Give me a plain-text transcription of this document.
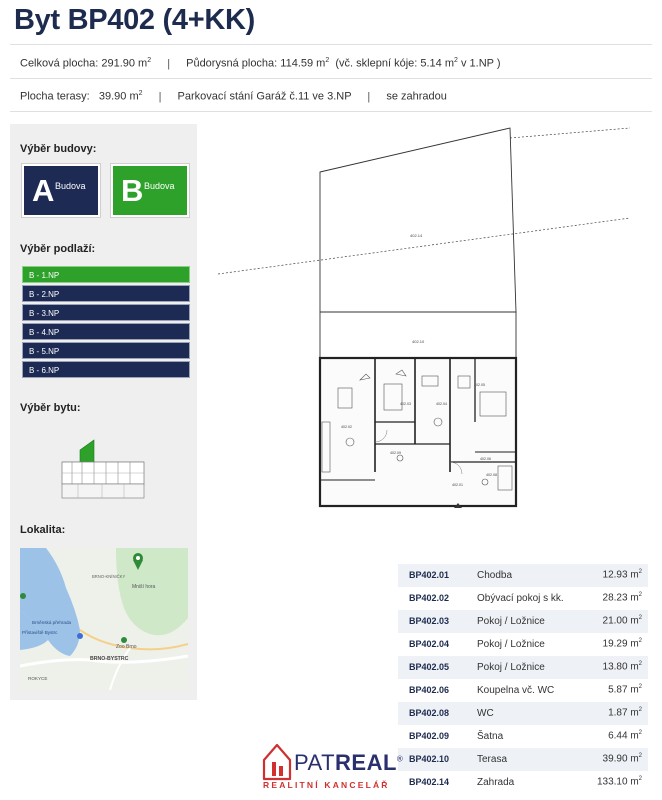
Byt BP402 (4+KK)
Celková plocha: 291.90 $m^2$ | Půdorysná plocha: 114.59 $m^2$ (vč. sklepní kóje: 5.14 $m^2$ v 1.NP )
Plocha terasy: 39.90 $m^2$ | Parkovací stání Garáž č.11 ve 3.NP | se zahradou
Výběr budovy:
A Budova B Budova
Výběr podlaží:
B - 1.NP
B - 2.NP
B - 3.NP
B - 4.NP
B - 5.NP
B - 6.NP
Výběr bytu:
Lokalita:
Mniší hora
BRNO-BYSTRC
Zoo Brno
Přístaviště Bystrc
Brněnská přehrada
ROKYCE
BRNO-KNÍNIČKY
402.14
402.10
402.01
402.02
402.03	402.04
402.05
402.06
402.08
402.09
BP402.01	Chodba	12.93 $m^2$
BP402.02	Obývací pokoj s kk.	28.23 $m^2$
BP402.03	Pokoj / Ložnice	21.00 $m^2$
BP402.04	Pokoj / Ložnice	19.29 $m^2$
BP402.05	Pokoj / Ložnice	13.80 $m^2$
BP402.06	Koupelna vč. WC	5.87 $m^2$
BP402.08	WC	1.87 $m^2$
BP402.09	Šatna	6.44 $m^2$
BP402.10	Terasa	39.90 $m^2$
BP402.14	Zahrada	133.10 $m^2$
PATREAL®
REALITNÍ KANCELÁŘ
